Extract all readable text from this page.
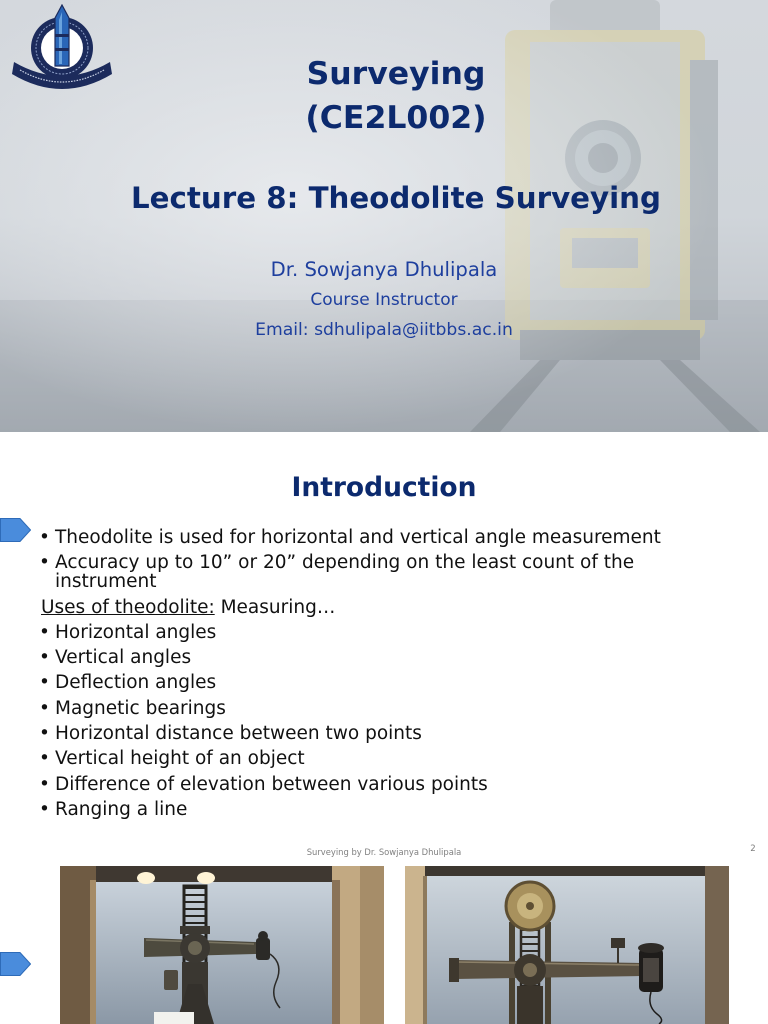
Surveying
(CE2L002)
Lecture 8: Theodolite Surveying
Dr. Sowjanya Dhulipala
Course Instructor
Email: sdhulipala@iitbbs.ac.in
Introduction
• Theodolite is used for horizontal and vertical angle measurement
• Accuracy up to 10” or 20” depending on the least count of the instrument
Uses of theodolite: Measuring…
• Horizontal angles
• Vertical angles
• Deflection angles
• Magnetic bearings
• Horizontal distance between two points
• Vertical height of an object
• Difference of elevation between various points
• Ranging a line
Surveying by Dr. Sowjanya Dhulipala	2
